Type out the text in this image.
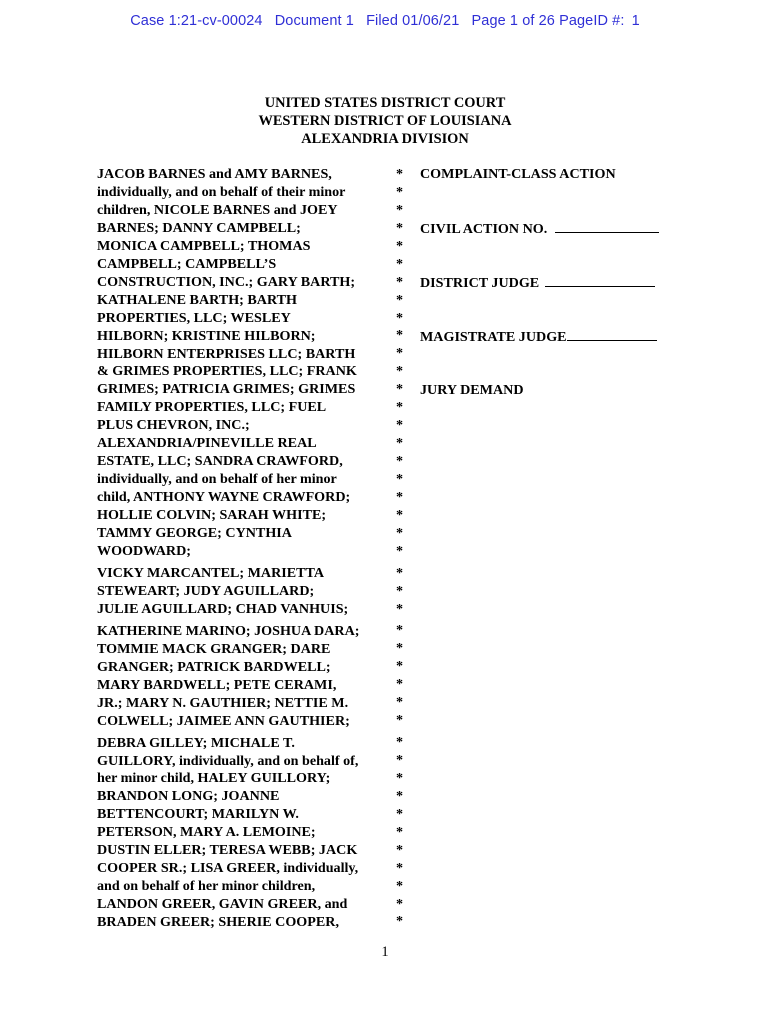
Case 1:21-cv-00024 Document 1 Filed 01/06/21 Page 1 of 26 PageID #: 1
UNITED STATES DISTRICT COURT
WESTERN DISTRICT OF LOUISIANA
ALEXANDRIA DIVISION
JACOB BARNES and AMY BARNES,
individually, and on behalf of their minor
children, NICOLE BARNES and JOEY
BARNES; DANNY CAMPBELL;
MONICA CAMPBELL; THOMAS
CAMPBELL; CAMPBELL’S
CONSTRUCTION, INC.; GARY BARTH;
KATHALENE BARTH; BARTH
PROPERTIES, LLC; WESLEY
HILBORN; KRISTINE HILBORN;
HILBORN ENTERPRISES LLC; BARTH
& GRIMES PROPERTIES, LLC; FRANK
GRIMES; PATRICIA GRIMES; GRIMES
FAMILY PROPERTIES, LLC; FUEL
PLUS CHEVRON, INC.;
ALEXANDRIA/PINEVILLE REAL
ESTATE, LLC; SANDRA CRAWFORD,
individually, and on behalf of her minor
child, ANTHONY WAYNE CRAWFORD;
HOLLIE COLVIN; SARAH WHITE;
TAMMY GEORGE; CYNTHIA
WOODWARD;
VICKY MARCANTEL; MARIETTA
STEWEART; JUDY AGUILLARD;
JULIE AGUILLARD; CHAD VANHUIS;
KATHERINE MARINO; JOSHUA DARA;
TOMMIE MACK GRANGER; DARE
GRANGER; PATRICK BARDWELL;
MARY BARDWELL; PETE CERAMI,
JR.; MARY N. GAUTHIER; NETTIE M.
COLWELL; JAIMEE ANN GAUTHIER;
DEBRA GILLEY; MICHALE T.
GUILLORY, individually, and on behalf of,
her minor child, HALEY GUILLORY;
BRANDON LONG; JOANNE
BETTENCOURT; MARILYN W.
PETERSON, MARY A. LEMOINE;
DUSTIN ELLER; TERESA WEBB; JACK
COOPER SR.; LISA GREER, individually,
and on behalf of her minor children,
LANDON GREER, GAVIN GREER, and
BRADEN GREER; SHERIE COOPER,
*
*
*
*
*
*
*
*
*
*
*
*
*
*
*
*
*
*
*
*
*
*
*
*
*
*
*
*
*
*
*
*
*
*
*
*
*
*
*
*
*
*
COMPLAINT-CLASS ACTION
CIVIL ACTION NO.
DISTRICT JUDGE
MAGISTRATE JUDGE
JURY DEMAND
1
